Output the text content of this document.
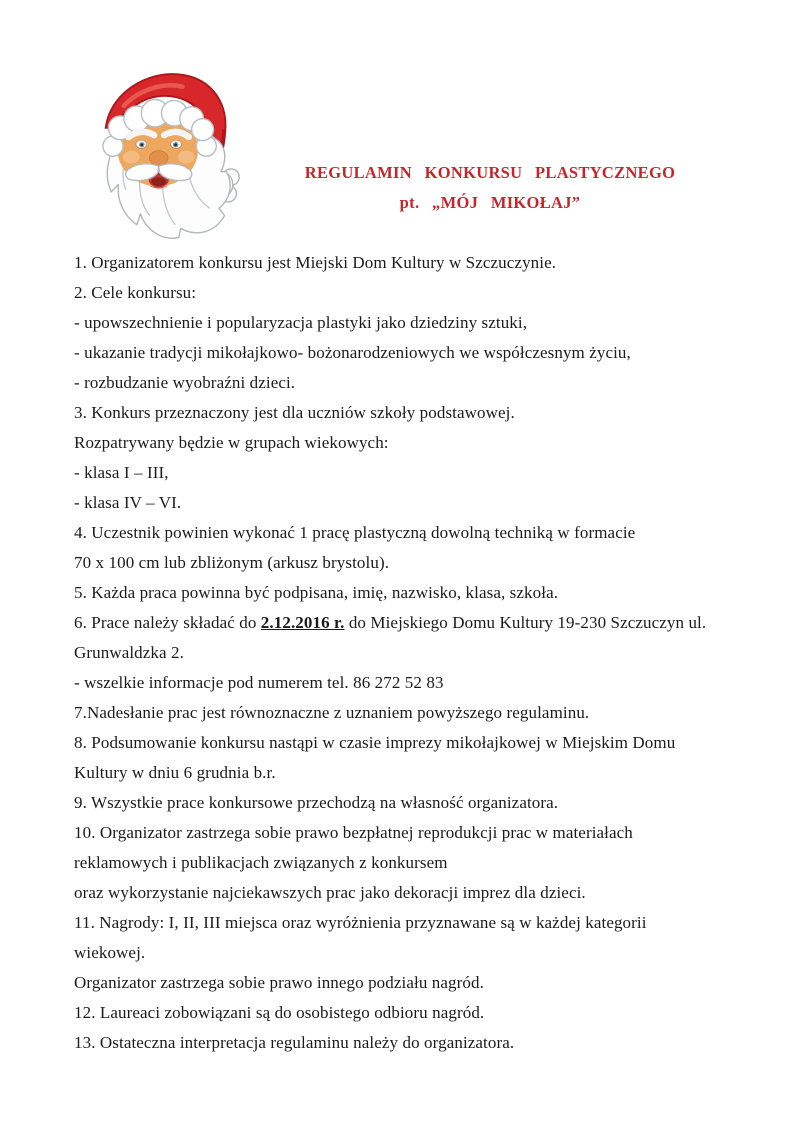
REGULAMIN KONKURSU PLASTYCZNEGO
pt. „MÓJ MIKOŁAJ”
1. Organizatorem konkursu jest Miejski Dom Kultury w Szczuczynie.
2. Cele konkursu:
- upowszechnienie i popularyzacja plastyki jako dziedziny sztuki,
- ukazanie tradycji mikołajkowo- bożonarodzeniowych we współczesnym życiu,
- rozbudzanie wyobraźni dzieci.
3. Konkurs przeznaczony jest dla uczniów szkoły podstawowej.
Rozpatrywany będzie w grupach wiekowych:
- klasa I – III,
- klasa IV – VI.
4. Uczestnik powinien wykonać 1 pracę plastyczną dowolną techniką w formacie
70 x 100 cm lub zbliżonym (arkusz brystolu).
5. Każda praca powinna być podpisana, imię, nazwisko, klasa, szkoła.
6. Prace należy składać do 2.12.2016 r. do Miejskiego Domu Kultury 19-230 Szczuczyn ul.
Grunwaldzka 2.
- wszelkie informacje pod numerem tel. 86 272 52 83
7.Nadesłanie prac jest równoznaczne z uznaniem powyższego regulaminu.
8. Podsumowanie konkursu nastąpi w czasie imprezy mikołajkowej w Miejskim Domu
Kultury w dniu 6 grudnia b.r.
9. Wszystkie prace konkursowe przechodzą na własność organizatora.
10. Organizator zastrzega sobie prawo bezpłatnej reprodukcji prac w materiałach
reklamowych i publikacjach związanych z konkursem
oraz wykorzystanie najciekawszych prac jako dekoracji imprez dla dzieci.
11. Nagrody: I, II, III miejsca oraz wyróżnienia przyznawane są w każdej kategorii
wiekowej.
Organizator zastrzega sobie prawo innego podziału nagród.
12. Laureaci zobowiązani są do osobistego odbioru nagród.
13. Ostateczna interpretacja regulaminu należy do organizatora.
